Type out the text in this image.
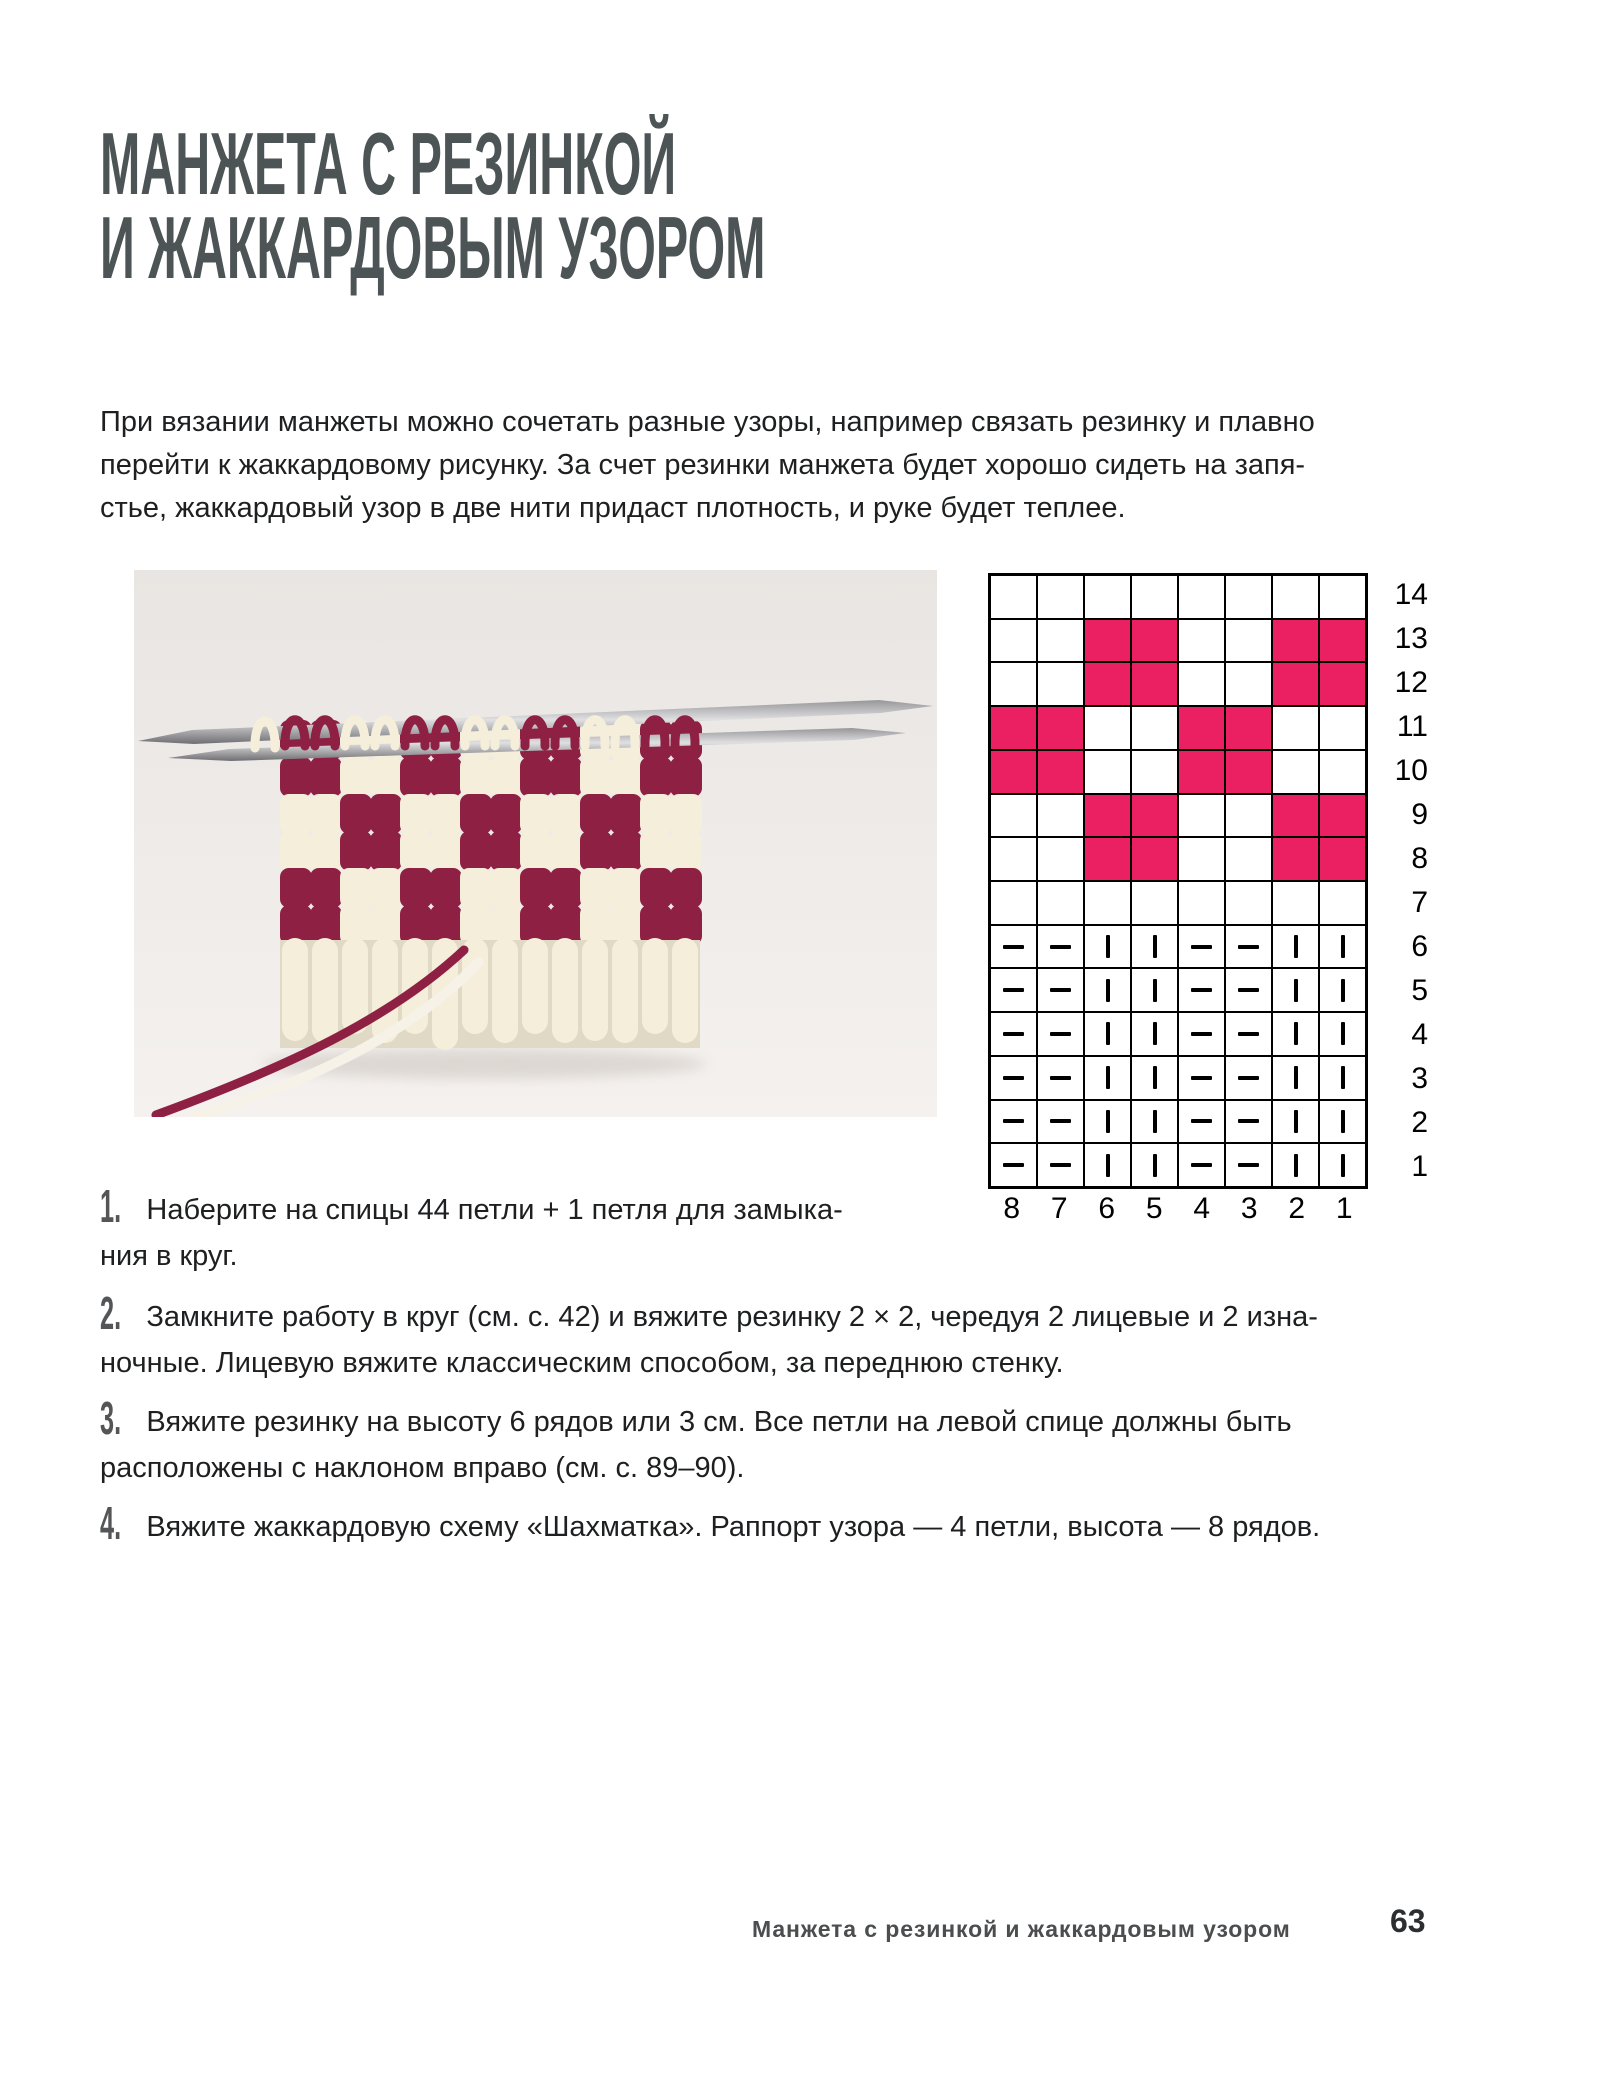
МАНЖЕТА С РЕЗИНКОЙ
И ЖАККАРДОВЫМ УЗОРОМ
При вязании манжеты можно сочетать разные узоры, например связать резинку и плавно
перейти к жаккардовому рисунку. За счет резинки манжета будет хорошо сидеть на запя-
стье, жаккардовый узор в две нити придаст плотность, и руке будет теплее.
14
13
12
11
10
9
8
7
6
5
4
3
2
1
8	7	6	5	4	3	2	1
1. Наберите на спицы 44 петли + 1 петля для замыка-
ния в круг.
2. Замкните работу в круг (см. с. 42) и вяжите резинку 2 × 2, чередуя 2 лицевые и 2 изна-
ночные. Лицевую вяжите классическим способом, за переднюю стенку.
3. Вяжите резинку на высоту 6 рядов или 3 см. Все петли на левой спице должны быть
расположены с наклоном вправо (см. с. 89–90).
4. Вяжите жаккардовую схему «Шахматка». Раппорт узора — 4 петли, высота — 8 рядов.
Манжета с резинкой и жаккардовым узором	63
